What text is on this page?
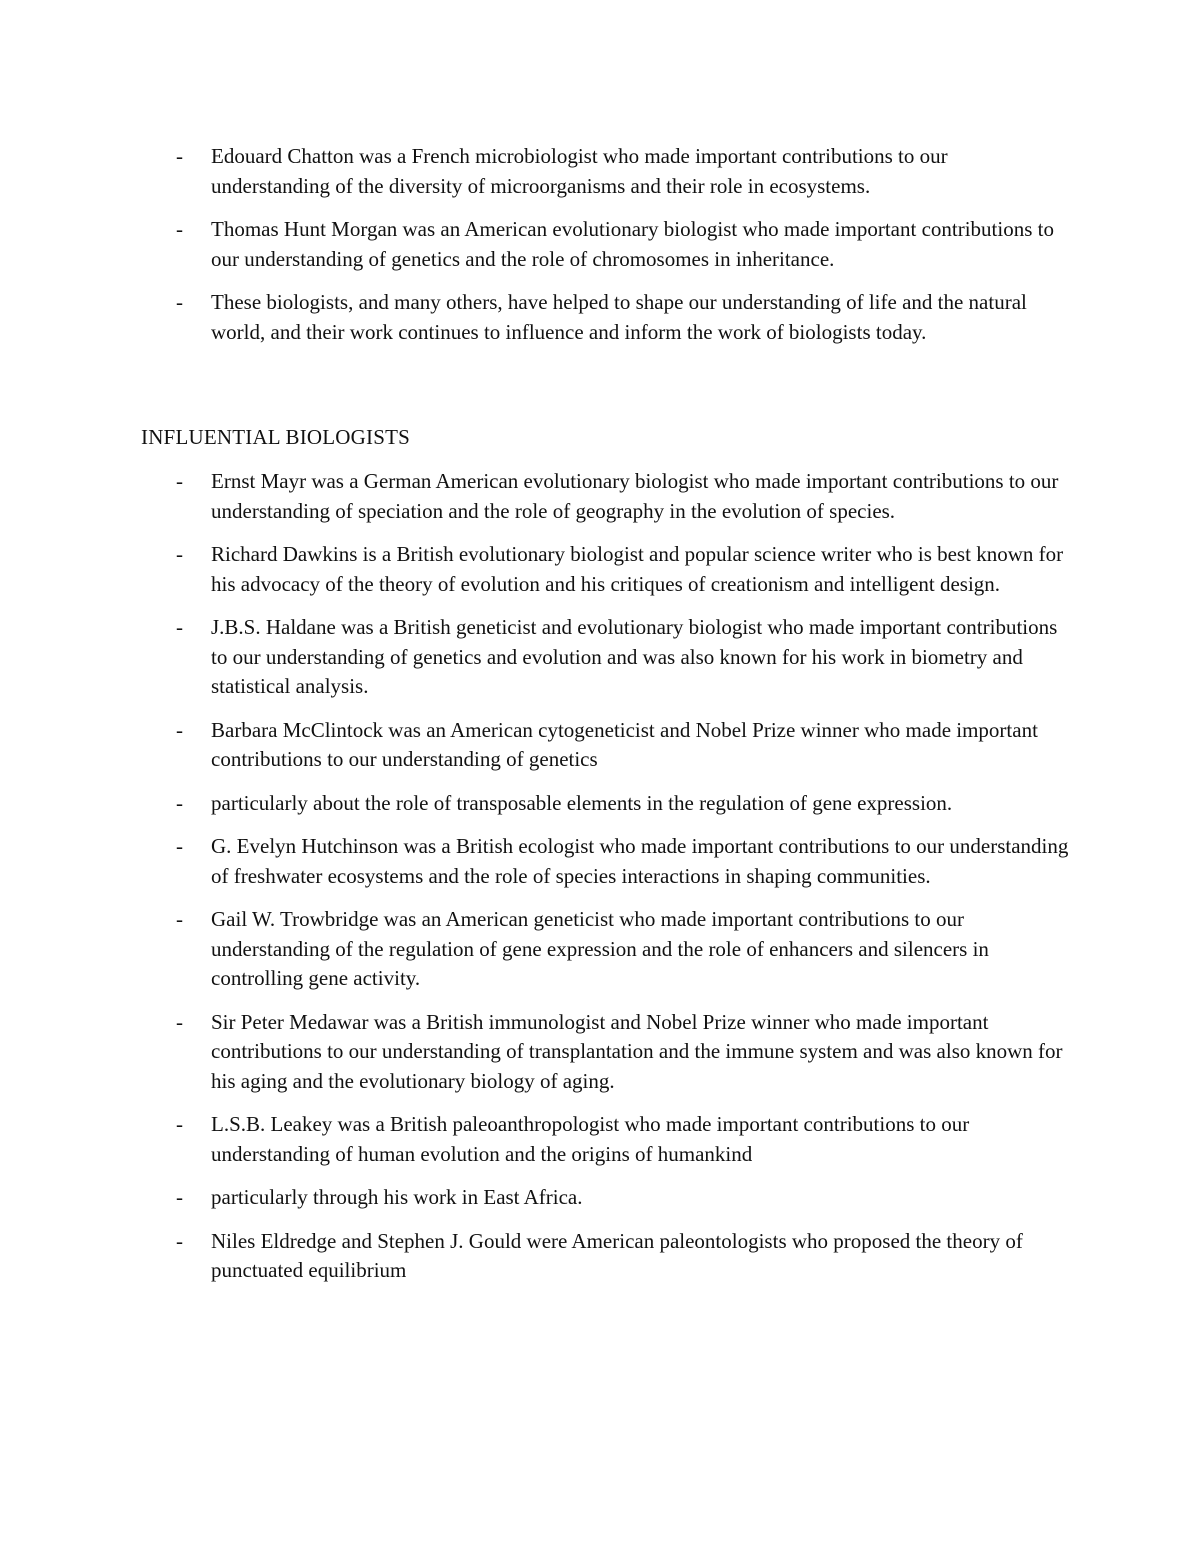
- Edouard Chatton was a French microbiologist who made important contributions to our understanding of the diversity of microorganisms and their role in ecosystems.
- Thomas Hunt Morgan was an American evolutionary biologist who made important contributions to our understanding of genetics and the role of chromosomes in inheritance.
- These biologists, and many others, have helped to shape our understanding of life and the natural world, and their work continues to influence and inform the work of biologists today.
INFLUENTIAL BIOLOGISTS
- Ernst Mayr was a German American evolutionary biologist who made important contributions to our understanding of speciation and the role of geography in the evolution of species.
- Richard Dawkins is a British evolutionary biologist and popular science writer who is best known for his advocacy of the theory of evolution and his critiques of creationism and intelligent design.
- J.B.S. Haldane was a British geneticist and evolutionary biologist who made important contributions to our understanding of genetics and evolution and was also known for his work in biometry and statistical analysis.
- Barbara McClintock was an American cytogeneticist and Nobel Prize winner who made important contributions to our understanding of genetics
- particularly about the role of transposable elements in the regulation of gene expression.
- G. Evelyn Hutchinson was a British ecologist who made important contributions to our understanding of freshwater ecosystems and the role of species interactions in shaping communities.
- Gail W. Trowbridge was an American geneticist who made important contributions to our understanding of the regulation of gene expression and the role of enhancers and silencers in controlling gene activity.
- Sir Peter Medawar was a British immunologist and Nobel Prize winner who made important contributions to our understanding of transplantation and the immune system and was also known for his aging and the evolutionary biology of aging.
- L.S.B. Leakey was a British paleoanthropologist who made important contributions to our understanding of human evolution and the origins of humankind
- particularly through his work in East Africa.
- Niles Eldredge and Stephen J. Gould were American paleontologists who proposed the theory of punctuated equilibrium
